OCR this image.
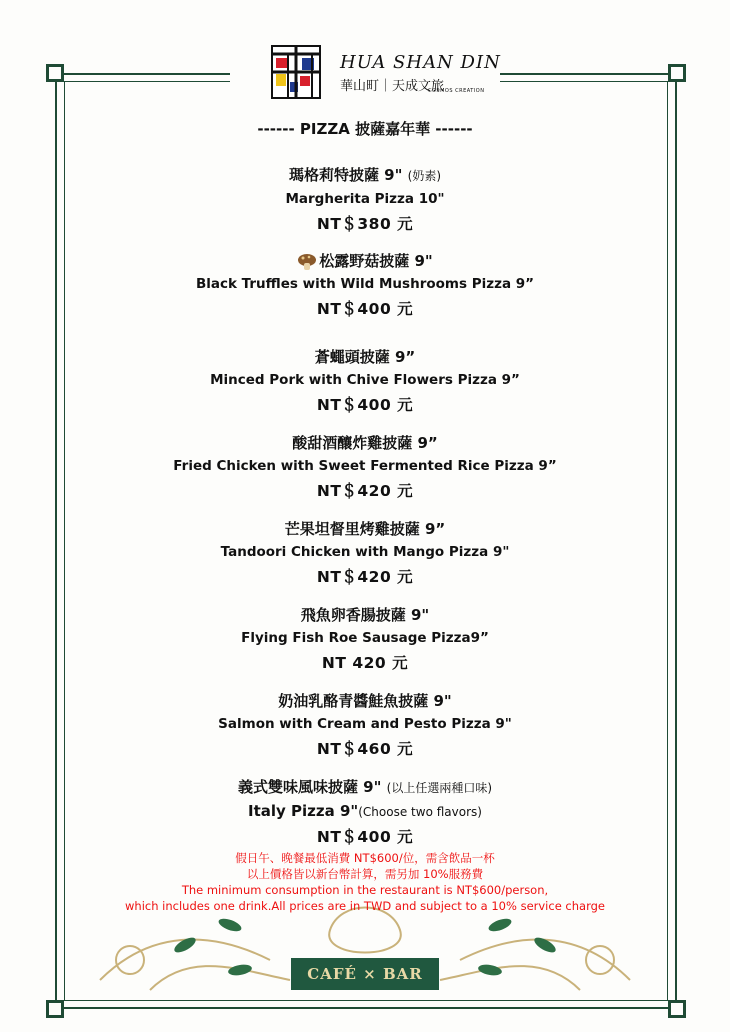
HUA SHAN DIN
華山町｜天成文旅
COSMOS CREATION
------ PIZZA 披薩嘉年華 ------
瑪格莉特披薩 9" (奶素)
Margherita Pizza 10"
NT＄380 元
松露野菇披薩 9"
Black Truffles with Wild Mushrooms Pizza 9”
NT＄400 元
蒼蠅頭披薩 9”
Minced Pork with Chive Flowers Pizza 9”
NT＄400 元
酸甜酒釀炸雞披薩 9”
Fried Chicken with Sweet Fermented Rice Pizza 9”
NT＄420 元
芒果坦督里烤雞披薩 9”
Tandoori Chicken with Mango Pizza 9"
NT＄420 元
飛魚卵香腸披薩 9"
Flying Fish Roe Sausage Pizza9”
NT 420 元
奶油乳酪青醬鮭魚披薩 9"
Salmon with Cream and Pesto Pizza 9"
NT＄460 元
義式雙味風味披薩 9" (以上任選兩種口味)
Italy Pizza 9"(Choose two flavors)
NT＄400 元
假日午、晚餐最低消費 NT$600/位，需含飲品一杯
以上價格皆以新台幣計算，需另加 10%服務費
The minimum consumption in the restaurant is NT$600/person,
which includes one drink.All prices are in TWD and subject to a 10% service charge
CAFÉ × BAR
